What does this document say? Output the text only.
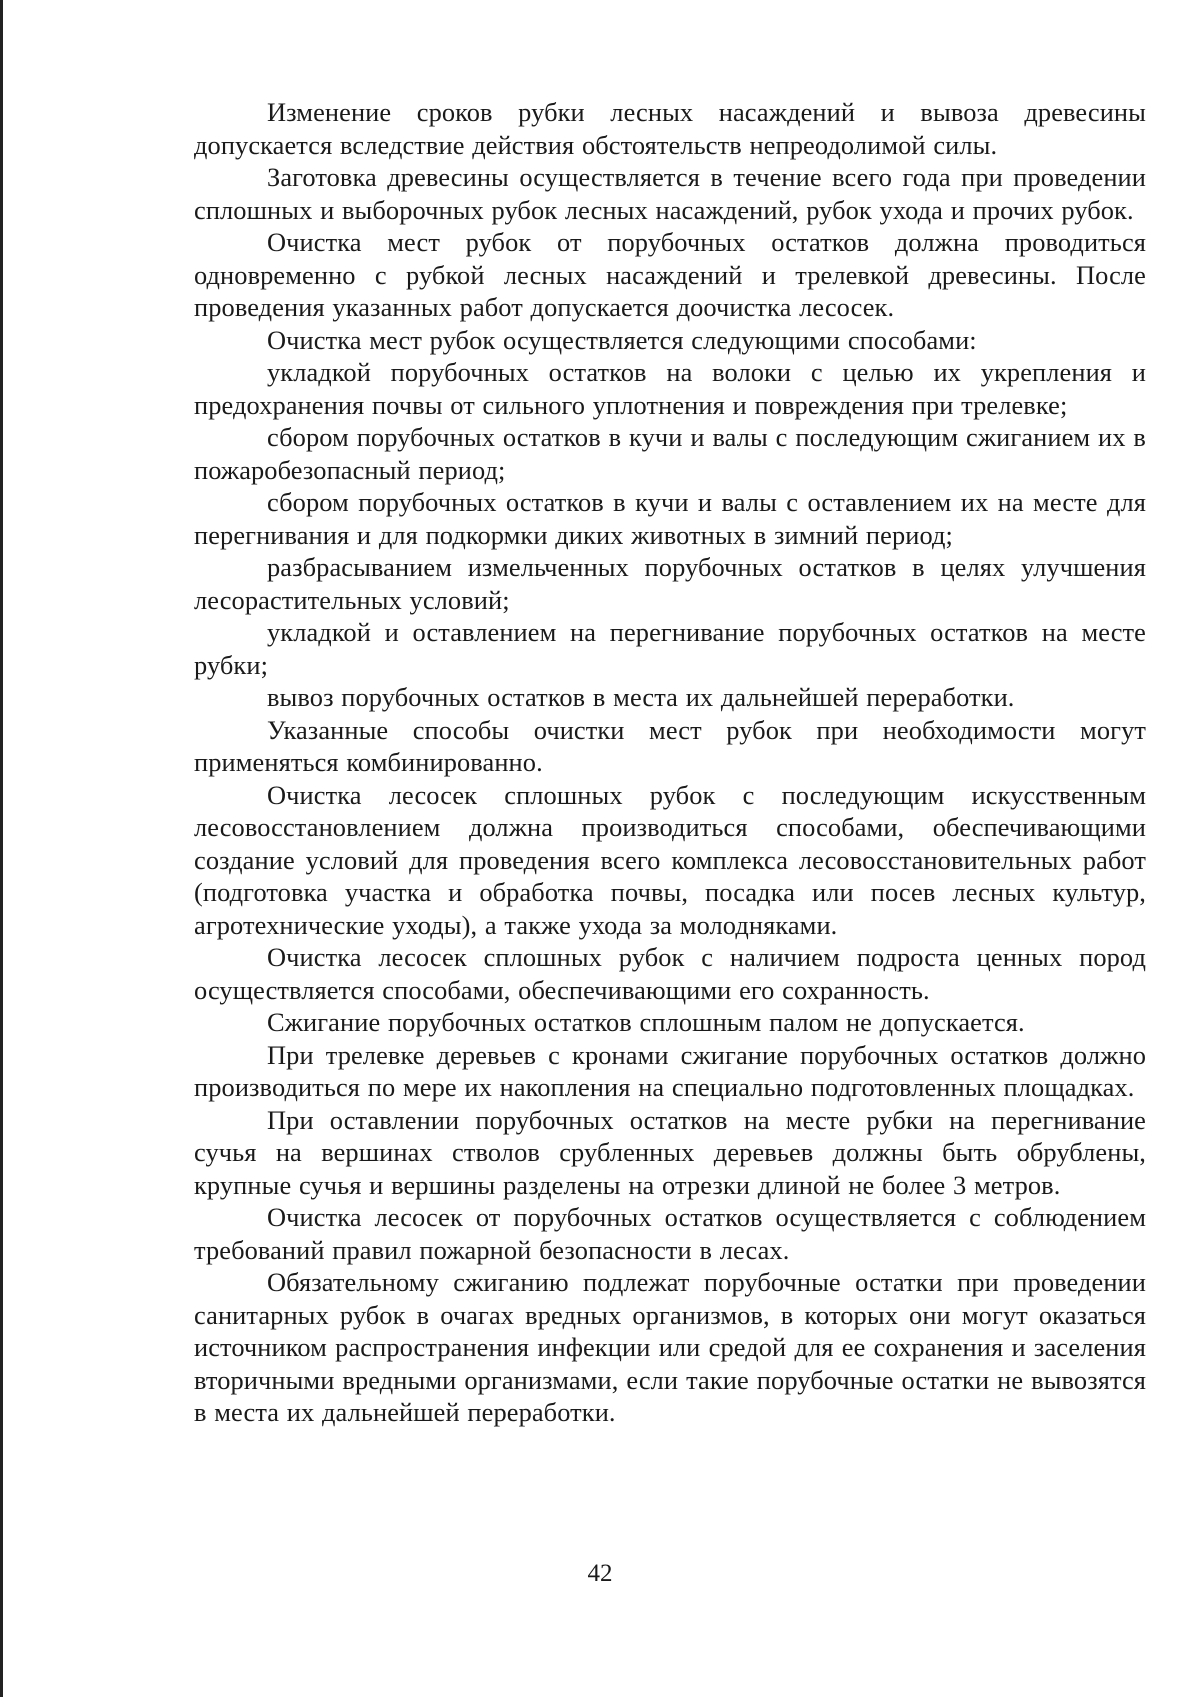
Изменение сроков рубки лесных насаждений и вывоза древесины допускается вследствие действия обстоятельств непреодолимой силы.

Заготовка древесины осуществляется в течение всего года при проведении сплошных и выборочных рубок лесных насаждений, рубок ухода и прочих рубок.

Очистка мест рубок от порубочных остатков должна проводиться одновременно с рубкой лесных насаждений и трелевкой древесины. После проведения указанных работ допускается доочистка лесосек.

Очистка мест рубок осуществляется следующими способами:

укладкой порубочных остатков на волоки с целью их укрепления и предохранения почвы от сильного уплотнения и повреждения при трелевке;

сбором порубочных остатков в кучи и валы с последующим сжиганием их в пожаробезопасный период;

сбором порубочных остатков в кучи и валы с оставлением их на месте для перегнивания и для подкормки диких животных в зимний период;

разбрасыванием измельченных порубочных остатков в целях улучшения лесорастительных условий;

укладкой и оставлением на перегнивание порубочных остатков на месте рубки;

вывоз порубочных остатков в места их дальнейшей переработки.

Указанные способы очистки мест рубок при необходимости могут применяться комбинированно.

Очистка лесосек сплошных рубок с последующим искусственным лесовосстановлением должна производиться способами, обеспечивающими создание условий для проведения всего комплекса лесовосстановительных работ (подготовка участка и обработка почвы, посадка или посев лесных культур, агротехнические уходы), а также ухода за молодняками.

Очистка лесосек сплошных рубок с наличием подроста ценных пород осуществляется способами, обеспечивающими его сохранность.

Сжигание порубочных остатков сплошным палом не допускается.

При трелевке деревьев с кронами сжигание порубочных остатков должно производиться по мере их накопления на специально подготовленных площадках.

При оставлении порубочных остатков на месте рубки на перегнивание сучья на вершинах стволов срубленных деревьев должны быть обрублены, крупные сучья и вершины разделены на отрезки длиной не более 3 метров.

Очистка лесосек от порубочных остатков осуществляется с соблюдением требований правил пожарной безопасности в лесах.

Обязательному сжиганию подлежат порубочные остатки при проведении санитарных рубок в очагах вредных организмов, в которых они могут оказаться источником распространения инфекции или средой для ее сохранения и заселения вторичными вредными организмами, если такие порубочные остатки не вывозятся в места их дальнейшей переработки.

42
